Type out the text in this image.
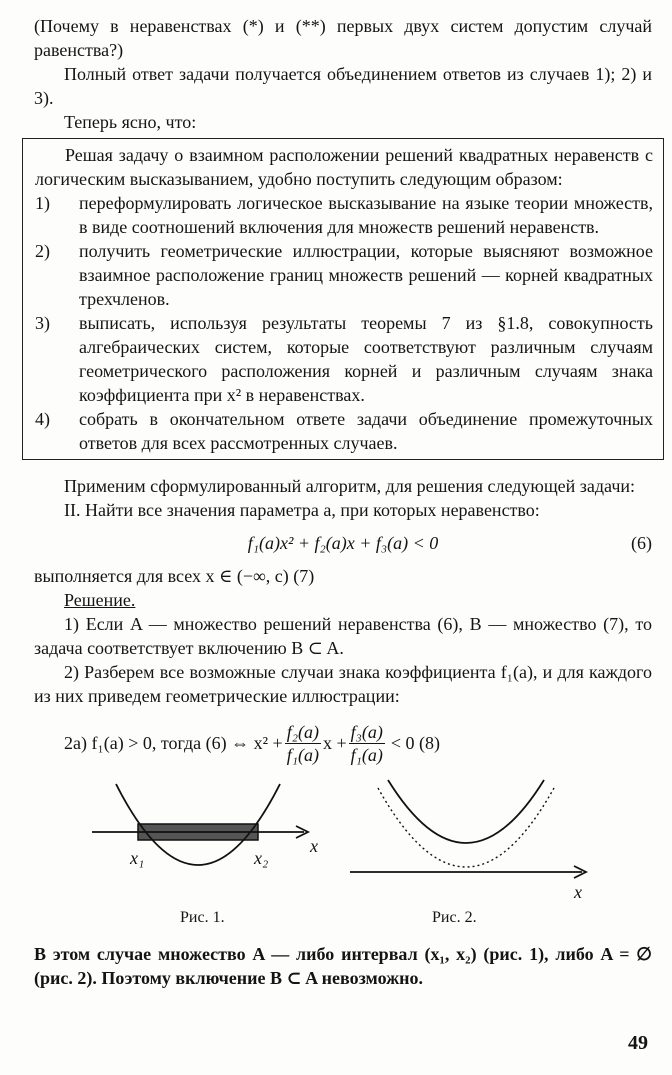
(Почему в неравенствах (*) и (**) первых двух систем допустим случай равенства?)

Полный ответ задачи получается объединением ответов из случаев 1); 2) и 3).

Теперь ясно, что:

Решая задачу о взаимном расположении решений квадратных неравенств с логическим высказыванием, удобно поступить следующим образом:

1)	переформулировать логическое высказывание на языке теории множеств, в виде соотношений включения для множеств решений неравенств.
2)	получить геометрические иллюстрации, которые выясняют возможное взаимное расположение границ множеств решений — корней квадратных трехчленов.
3)	выписать, используя результаты теоремы 7 из §1.8, совокупность алгебраических систем, которые соответствуют различным случаям геометрического расположения корней и различным случаям знака коэффициента при x² в неравенствах.
4)	собрать в окончательном ответе задачи объединение промежуточных ответов для всех рассмотренных случаев.

Применим сформулированный алгоритм, для решения следующей задачи:

II. Найти все значения параметра a, при которых неравенство:

f₁(a)x² + f₂(a)x + f₃(a) < 0	(6)

выполняется для всех x ∈ (−∞, c) (7)

Решение.

1) Если A — множество решений неравенства (6), B — множество (7), то задача соответствует включению B ⊂ A.

2) Разберем все возможные случаи знака коэффициента f₁(a), и для каждого из них приведем геометрические иллюстрации:

2a) f₁(a) > 0, тогда (6) ⇔ $x^2 + \frac{\text{f₂(a)}}{\text{f₁(a)}}$ $x + \frac{\text{f₃(a)}}{\text{f₁(a)}} < 0$ (8)
x₁	x₂
x
x
Рис. 1.	Рис. 2.

В этом случае множество A — либо интервал (x₁, x₂) (рис. 1), либо A = ∅ (рис. 2). Поэтому включение B ⊂ A невозможно.

49
